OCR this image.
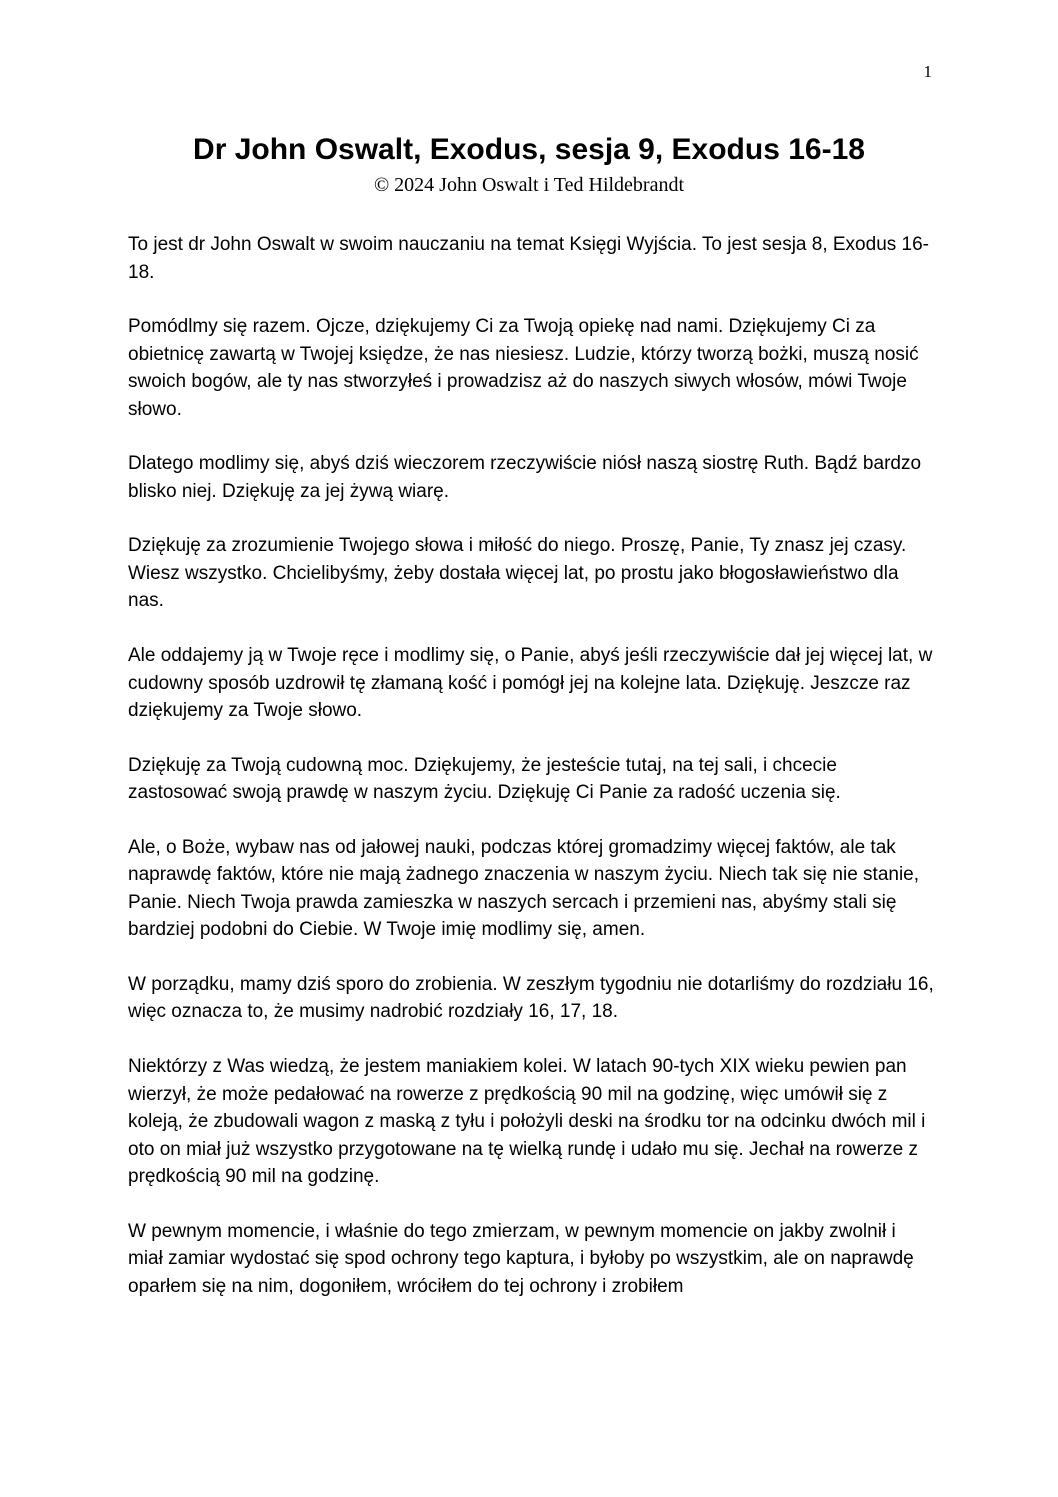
1
Dr John Oswalt, Exodus, sesja 9, Exodus 16-18
© 2024 John Oswalt i Ted Hildebrandt

To jest dr John Oswalt w swoim nauczaniu na temat Księgi Wyjścia. To jest sesja 8, Exodus 16-18.

Pomódlmy się razem. Ojcze, dziękujemy Ci za Twoją opiekę nad nami. Dziękujemy Ci za obietnicę zawartą w Twojej księdze, że nas niesiesz. Ludzie, którzy tworzą bożki, muszą nosić swoich bogów, ale ty nas stworzyłeś i prowadzisz aż do naszych siwych włosów, mówi Twoje słowo.

Dlatego modlimy się, abyś dziś wieczorem rzeczywiście niósł naszą siostrę Ruth. Bądź bardzo blisko niej. Dziękuję za jej żywą wiarę.

Dziękuję za zrozumienie Twojego słowa i miłość do niego. Proszę, Panie, Ty znasz jej czasy. Wiesz wszystko. Chcielibyśmy, żeby dostała więcej lat, po prostu jako błogosławieństwo dla nas.

Ale oddajemy ją w Twoje ręce i modlimy się, o Panie, abyś jeśli rzeczywiście dał jej więcej lat, w cudowny sposób uzdrowił tę złamaną kość i pomógł jej na kolejne lata. Dziękuję. Jeszcze raz dziękujemy za Twoje słowo.

Dziękuję za Twoją cudowną moc. Dziękujemy, że jesteście tutaj, na tej sali, i chcecie zastosować swoją prawdę w naszym życiu. Dziękuję Ci Panie za radość uczenia się.

Ale, o Boże, wybaw nas od jałowej nauki, podczas której gromadzimy więcej faktów, ale tak naprawdę faktów, które nie mają żadnego znaczenia w naszym życiu. Niech tak się nie stanie, Panie. Niech Twoja prawda zamieszka w naszych sercach i przemieni nas, abyśmy stali się bardziej podobni do Ciebie. W Twoje imię modlimy się, amen.

W porządku, mamy dziś sporo do zrobienia. W zeszłym tygodniu nie dotarliśmy do rozdziału 16, więc oznacza to, że musimy nadrobić rozdziały 16, 17, 18.

Niektórzy z Was wiedzą, że jestem maniakiem kolei. W latach 90-tych XIX wieku pewien pan wierzył, że może pedałować na rowerze z prędkością 90 mil na godzinę, więc umówił się z koleją, że zbudowali wagon z maską z tyłu i położyli deski na środku tor na odcinku dwóch mil i oto on miał już wszystko przygotowane na tę wielką rundę i udało mu się. Jechał na rowerze z prędkością 90 mil na godzinę.

W pewnym momencie, i właśnie do tego zmierzam, w pewnym momencie on jakby zwolnił i miał zamiar wydostać się spod ochrony tego kaptura, i byłoby po wszystkim, ale on naprawdę oparłem się na nim, dogoniłem, wróciłem do tej ochrony i zrobiłem
